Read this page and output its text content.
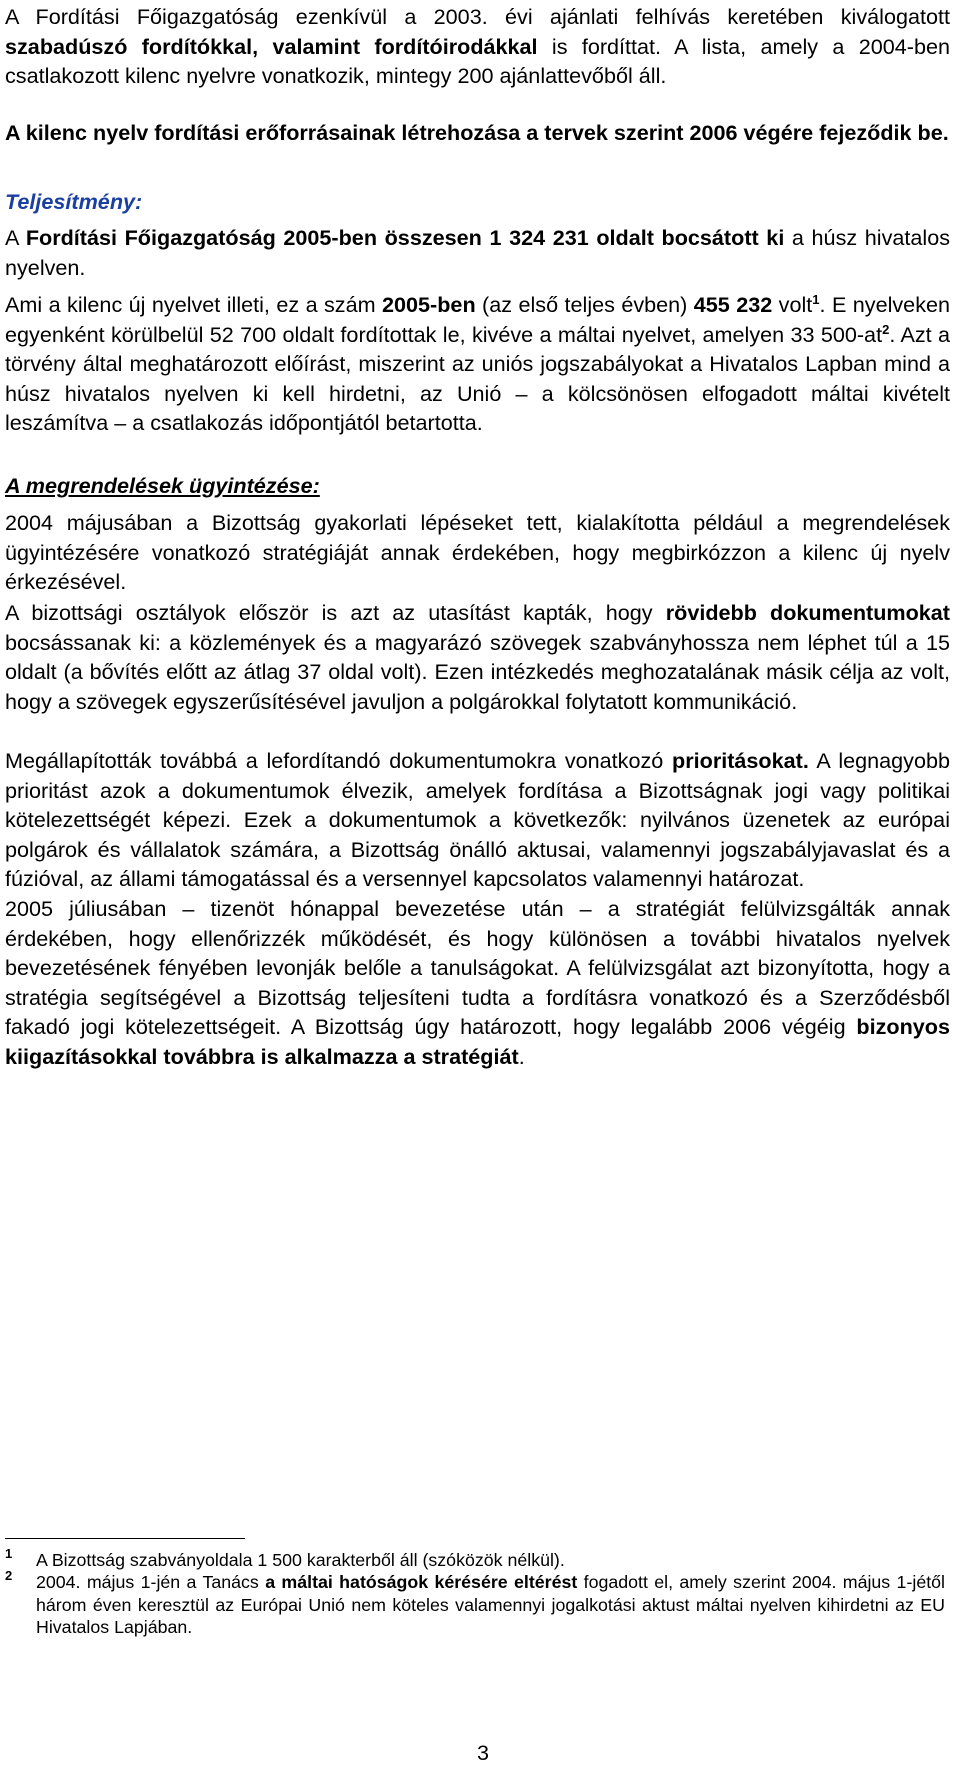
A Fordítási Főigazgatóság ezenkívül a 2003. évi ajánlati felhívás keretében kiválogatott szabadúszó fordítókkal, valamint fordítóirodákkal is fordíttat. A lista, amely a 2004-ben csatlakozott kilenc nyelvre vonatkozik, mintegy 200 ajánlattevőből áll.

A kilenc nyelv fordítási erőforrásainak létrehozása a tervek szerint 2006 végére fejeződik be.

Teljesítmény:

A Fordítási Főigazgatóság 2005-ben összesen 1 324 231 oldalt bocsátott ki a húsz hivatalos nyelven.

Ami a kilenc új nyelvet illeti, ez a szám 2005-ben (az első teljes évben) 455 232 volt$^1$. E nyelveken egyenként körülbelül 52 700 oldalt fordítottak le, kivéve a máltai nyelvet, amelyen 33 $500-at^2$. Azt a törvény által meghatározott előírást, miszerint az uniós jogszabályokat a Hivatalos Lapban mind a húsz hivatalos nyelven ki kell hirdetni, az Unió – a kölcsönösen elfogadott máltai kivételt leszámítva – a csatlakozás időpontjától betartotta.

A megrendelések ügyintézése:

2004 májusában a Bizottság gyakorlati lépéseket tett, kialakította például a megrendelések ügyintézésére vonatkozó stratégiáját annak érdekében, hogy megbirkózzon a kilenc új nyelv érkezésével.

A bizottsági osztályok először is azt az utasítást kapták, hogy rövidebb dokumentumokat bocsássanak ki: a közlemények és a magyarázó szövegek szabványhossza nem léphet túl a 15 oldalt (a bővítés előtt az átlag 37 oldal volt). Ezen intézkedés meghozatalának másik célja az volt, hogy a szövegek egyszerűsítésével javuljon a polgárokkal folytatott kommunikáció.

Megállapították továbbá a lefordítandó dokumentumokra vonatkozó prioritásokat. A legnagyobb prioritást azok a dokumentumok élvezik, amelyek fordítása a Bizottságnak jogi vagy politikai kötelezettségét képezi. Ezek a dokumentumok a következők: nyilvános üzenetek az európai polgárok és vállalatok számára, a Bizottság önálló aktusai, valamennyi jogszabályjavaslat és a fúzióval, az állami támogatással és a versennyel kapcsolatos valamennyi határozat.

2005 júliusában – tizenöt hónappal bevezetése után – a stratégiát felülvizsgálták annak érdekében, hogy ellenőrizzék működését, és hogy különösen a további hivatalos nyelvek bevezetésének fényében levonják belőle a tanulságokat. A felülvizsgálat azt bizonyította, hogy a stratégia segítségével a Bizottság teljesíteni tudta a fordításra vonatkozó és a Szerződésből fakadó jogi kötelezettségeit. A Bizottság úgy határozott, hogy legalább 2006 végéig bizonyos kiigazításokkal továbbra is alkalmazza a stratégiát.

1 A Bizottság szabványoldala 1 500 karakterből áll (szóközök nélkül).
2 2004. május 1-jén a Tanács a máltai hatóságok kérésére eltérést fogadott el, amely szerint 2004. május 1-jétől három éven keresztül az Európai Unió nem köteles valamennyi jogalkotási aktust máltai nyelven kihirdetni az EU Hivatalos Lapjában.
3
